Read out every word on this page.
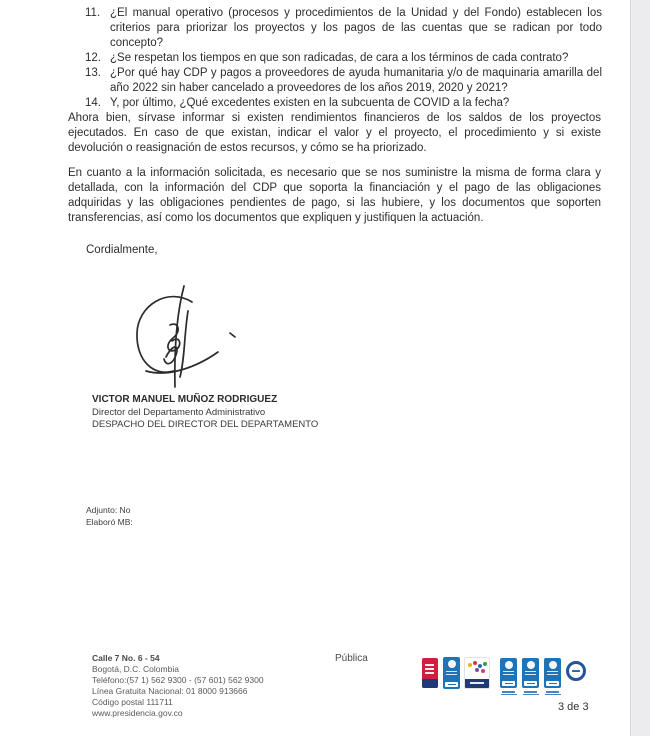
11. ¿El manual operativo (procesos y procedimientos de la Unidad y del Fondo) establecen los criterios para priorizar los proyectos y los pagos de las cuentas que se radican por todo concepto?
12. ¿Se respetan los tiempos en que son radicadas, de cara a los términos de cada contrato?
13. ¿Por qué hay CDP y pagos a proveedores de ayuda humanitaria y/o de maquinaria amarilla del año 2022 sin haber cancelado a proveedores de los años 2019, 2020 y 2021?
14. Y, por último, ¿Qué excedentes existen en la subcuenta de COVID a la fecha?
Ahora bien, sírvase informar si existen rendimientos financieros de los saldos de los proyectos ejecutados. En caso de que existan, indicar el valor y el proyecto, el procedimiento y si existe devolución o reasignación de estos recursos, y cómo se ha priorizado.
En cuanto a la información solicitada, es necesario que se nos suministre la misma de forma clara y detallada, con la información del CDP que soporta la financiación y el pago de las obligaciones adquiridas y las obligaciones pendientes de pago, si las hubiere, y los documentos que soporten transferencias, así como los documentos que expliquen y justifiquen la actuación.
Cordialmente,
VICTOR MANUEL MUÑOZ RODRIGUEZ
Director del Departamento Administrativo
DESPACHO DEL DIRECTOR DEL DEPARTAMENTO
Adjunto: No
Elaboró MB:
Calle 7 No. 6 - 54
Bogotá, D.C. Colombia
Teléfono:(57 1) 562 9300 - (57 601) 562 9300
Línea Gratuita Nacional: 01 8000 913666
Código postal 111711
www.presidencia.gov.co
Pública
3 de 3
